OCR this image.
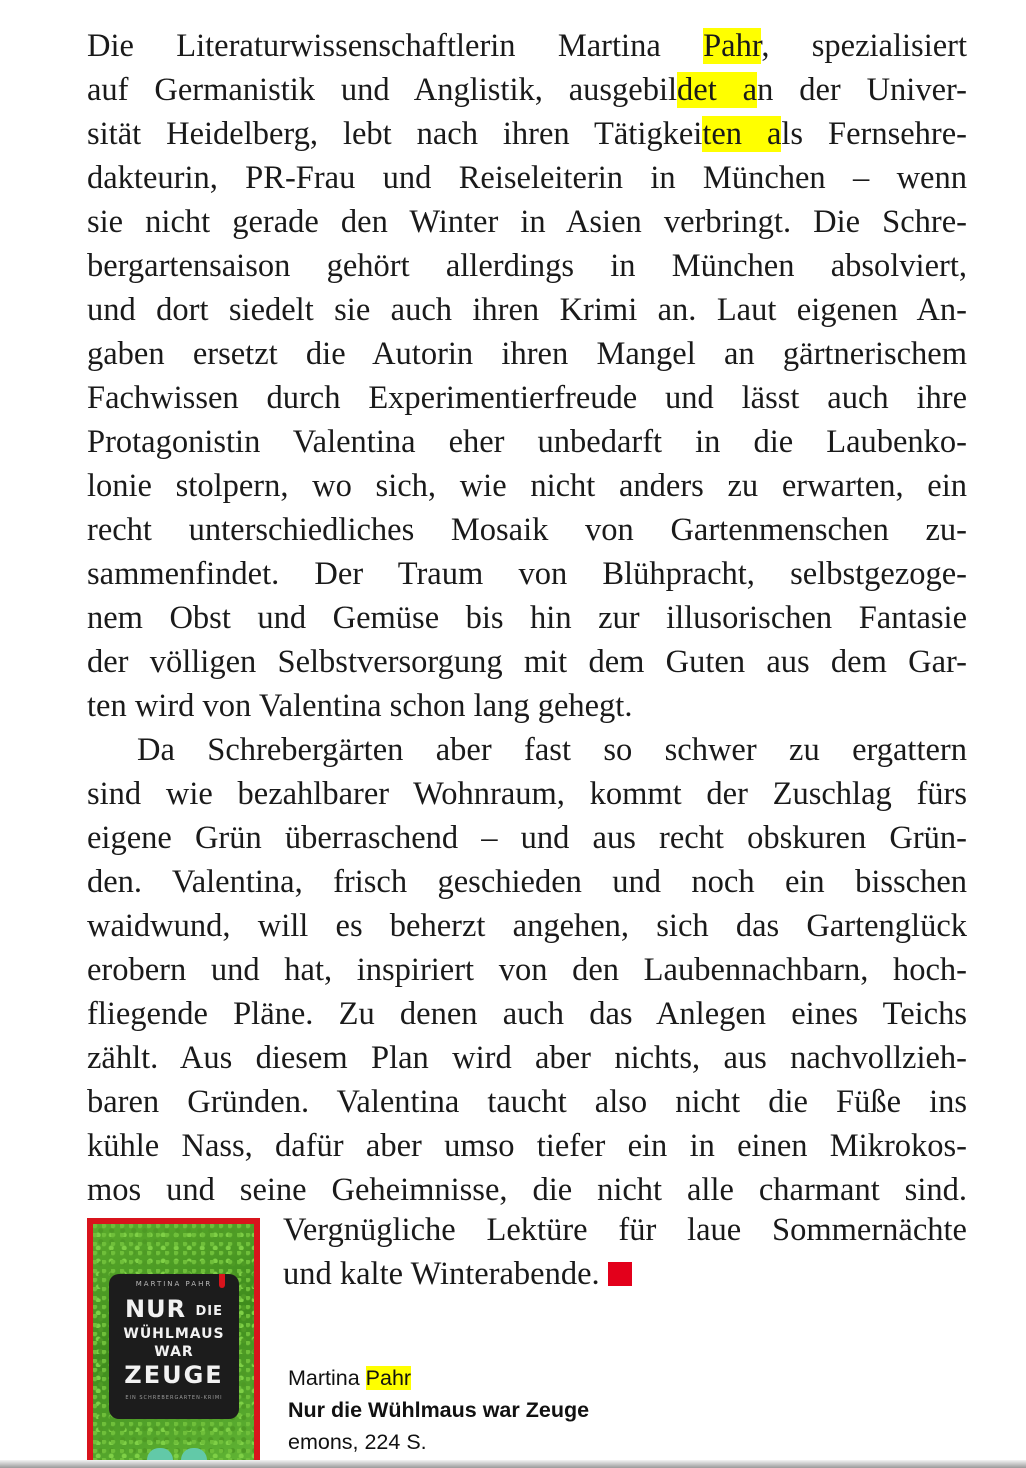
Die Literaturwissenschaftlerin Martina Pahr, spezialisiert
auf Germanistik und Anglistik, ausgebildet an der Univer-
sität Heidelberg, lebt nach ihren Tätigkeiten als Fernsehre-
dakteurin, PR-Frau und Reiseleiterin in München – wenn
sie nicht gerade den Winter in Asien verbringt. Die Schre-
bergartensaison gehört allerdings in München absolviert,
und dort siedelt sie auch ihren Krimi an. Laut eigenen An-
gaben ersetzt die Autorin ihren Mangel an gärtnerischem
Fachwissen durch Experimentierfreude und lässt auch ihre
Protagonistin Valentina eher unbedarft in die Laubenko-
lonie stolpern, wo sich, wie nicht anders zu erwarten, ein
recht unterschiedliches Mosaik von Gartenmenschen zu-
sammenfindet. Der Traum von Blühpracht, selbstgezoge-
nem Obst und Gemüse bis hin zur illusorischen Fantasie
der völligen Selbstversorgung mit dem Guten aus dem Gar-
ten wird von Valentina schon lang gehegt.
Da Schrebergärten aber fast so schwer zu ergattern
sind wie bezahlbarer Wohnraum, kommt der Zuschlag fürs
eigene Grün überraschend – und aus recht obskuren Grün-
den. Valentina, frisch geschieden und noch ein bisschen
waidwund, will es beherzt angehen, sich das Gartenglück
erobern und hat, inspiriert von den Laubennachbarn, hoch-
fliegende Pläne. Zu denen auch das Anlegen eines Teichs
zählt. Aus diesem Plan wird aber nichts, aus nachvollzieh-
baren Gründen. Valentina taucht also nicht die Füße ins
kühle Nass, dafür aber umso tiefer ein in einen Mikrokos-
mos und seine Geheimnisse, die nicht alle charmant sind.
Vergnügliche Lektüre für laue Sommernächte
und kalte Winterabende.
MARTINA PAHR
NUR DIE
WÜHLMAUS
WAR
ZEUGE
EIN SCHREBERGARTEN-KRIMI
Martina Pahr
Nur die Wühlmaus war Zeuge
emons, 224 S.
